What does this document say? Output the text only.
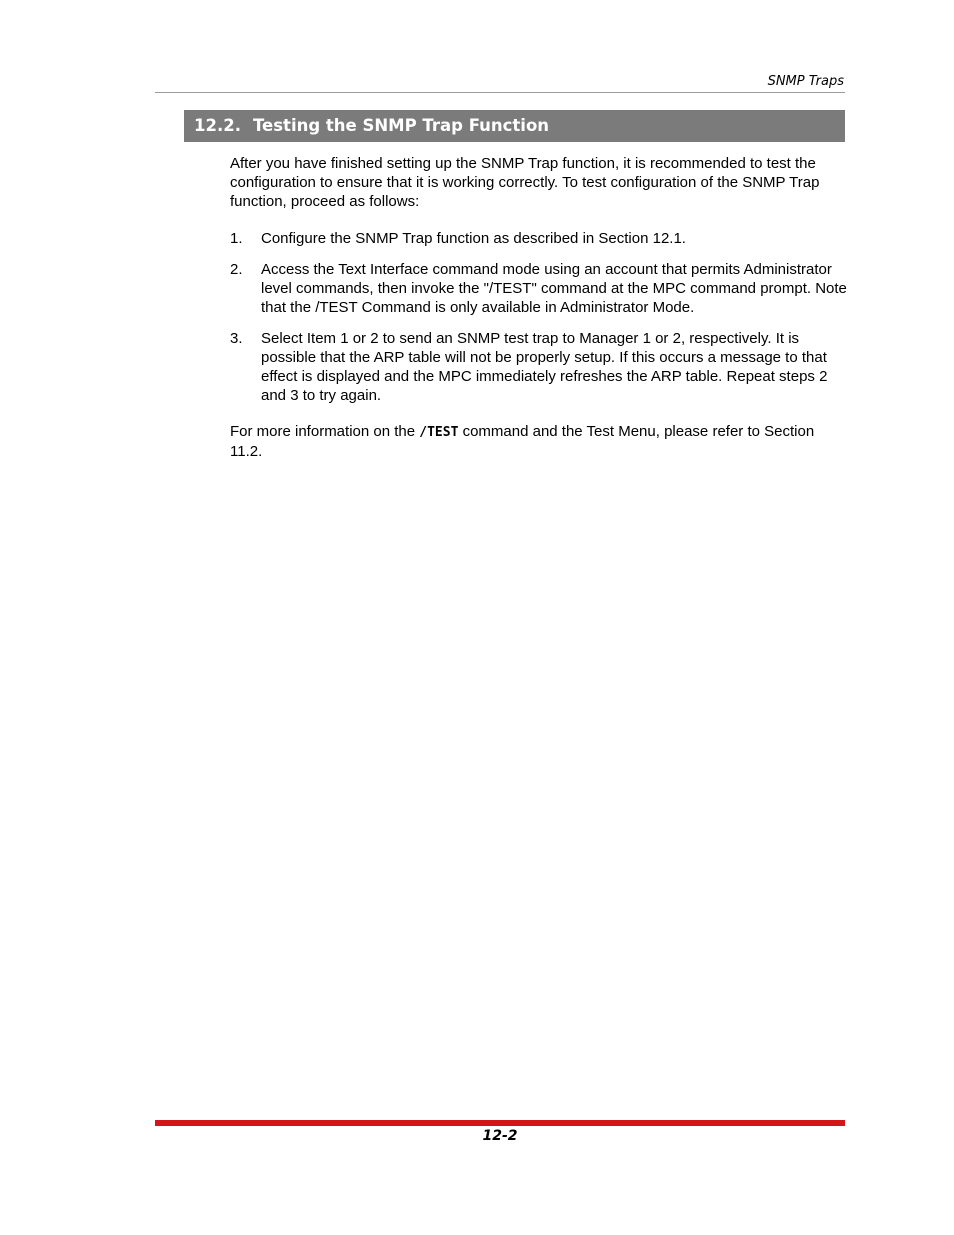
SNMP Traps
12.2. Testing the SNMP Trap Function

After you have finished setting up the SNMP Trap function, it is recommended to test the configuration to ensure that it is working correctly. To test configuration of the SNMP Trap function, proceed as follows:

1. Configure the SNMP Trap function as described in Section 12.1.
2. Access the Text Interface command mode using an account that permits Administrator level commands, then invoke the "/TEST" command at the MPC command prompt. Note that the /TEST Command is only available in Administrator Mode.
3. Select Item 1 or 2 to send an SNMP test trap to Manager 1 or 2, respectively. It is possible that the ARP table will not be properly setup. If this occurs a message to that effect is displayed and the MPC immediately refreshes the ARP table. Repeat steps 2 and 3 to try again.

For more information on the /TEST command and the Test Menu, please refer to Section 11.2.

12-2
